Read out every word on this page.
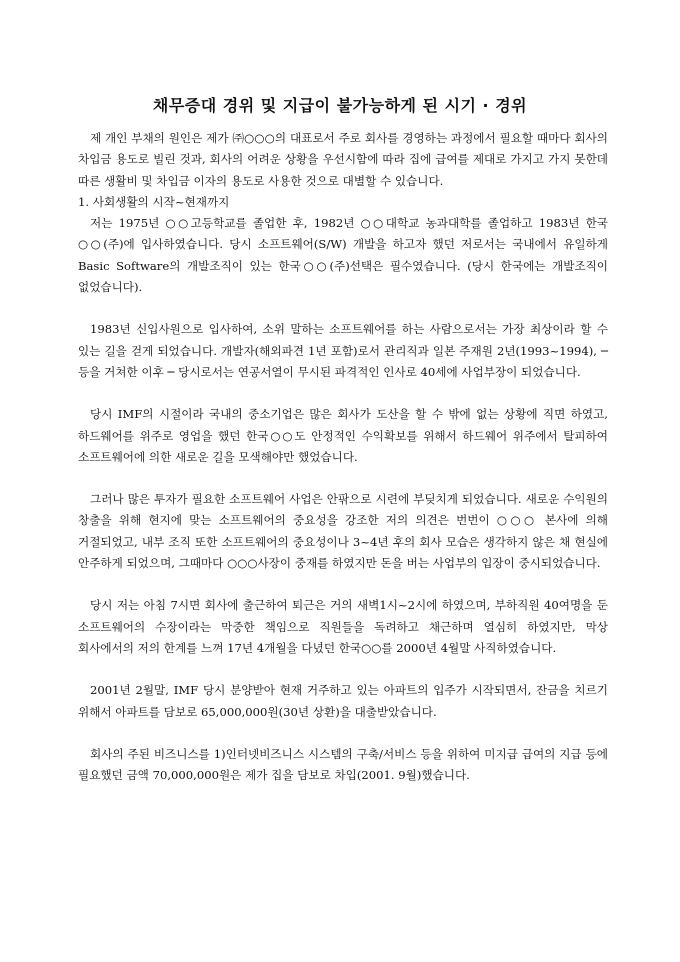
채무증대 경위 및 지급이 불가능하게 된 시기 · 경위

제 개인 부채의 원인은 제가 ㈜○○○의 대표로서 주로 회사를 경영하는 과정에서 필요할 때마다 회사의 차입금 용도로 빌린 것과, 회사의 어려운 상황을 우선시함에 따라 집에 급여를 제대로 가지고 가지 못한데 따른 생활비 및 차입금 이자의 용도로 사용한 것으로 대별할 수 있습니다.

1. 사회생활의 시작~현재까지

저는 1975년 ○○고등학교를 졸업한 후, 1982년 ○○대학교 농과대학를 졸업하고 1983년 한국○○(주)에 입사하였습니다. 당시 소프트웨어(S/W) 개발을 하고자 했던 저로서는 국내에서 유일하게 Basic Software의 개발조직이 있는 한국○○(주)선택은 필수였습니다. (당시 한국에는 개발조직이 없었습니다).

1983년 신입사원으로 입사하여, 소위 말하는 소프트웨어를 하는 사람으로서는 가장 최상이라 할 수 있는 길을 걷게 되었습니다. 개발자(해외파견 1년 포함)로서 관리직과 일본 주재원 2년(1993~1994), ─ 등을 거쳐한 이후 ─ 당시로서는 연공서열이 무시된 파격적인 인사로 40세에 사업부장이 되었습니다.

당시 IMF의 시절이라 국내의 중소기업은 많은 회사가 도산을 할 수 밖에 없는 상황에 직면 하였고, 하드웨어를 위주로 영업을 했던 한국○○도 안정적인 수익확보를 위해서 하드웨어 위주에서 탈피하여 소프트웨어에 의한 새로운 길을 모색해야만 했었습니다.

그러나 많은 투자가 필요한 소프트웨어 사업은 안팎으로 시련에 부딪치게 되었습니다. 새로운 수익원의 창출을 위해 현지에 맞는 소프트웨어의 중요성을 강조한 저의 의견은 번번이 ○○○ 본사에 의해 거절되었고, 내부 조직 또한 소프트웨어의 중요성이나 3~4년 후의 회사 모습은 생각하지 않은 채 현실에 안주하게 되었으며, 그때마다 ○○○사장이 중재를 하였지만 돈을 버는 사업부의 입장이 중시되었습니다.

당시 저는 아침 7시면 회사에 출근하여 퇴근은 거의 새벽1시~2시에 하였으며, 부하직원 40여명을 둔 소프트웨어의 수장이라는 막중한 책임으로 직원들을 독려하고 채근하며 열심히 하였지만, 막상 회사에서의 저의 한계를 느껴 17년 4개월을 다녔던 한국○○를 2000년 4월말 사직하였습니다.

2001년 2월말, IMF 당시 분양받아 현재 거주하고 있는 아파트의 입주가 시작되면서, 잔금을 치르기 위해서 아파트를 담보로 65,000,000원(30년 상환)을 대출받았습니다.

회사의 주된 비즈니스를 1)인터넷비즈니스 시스템의 구축/서비스 등을 위하여 미지급 급여의 지급 등에 필요했던 금액 70,000,000원은 제가 집을 담보로 차입(2001. 9월)했습니다.
